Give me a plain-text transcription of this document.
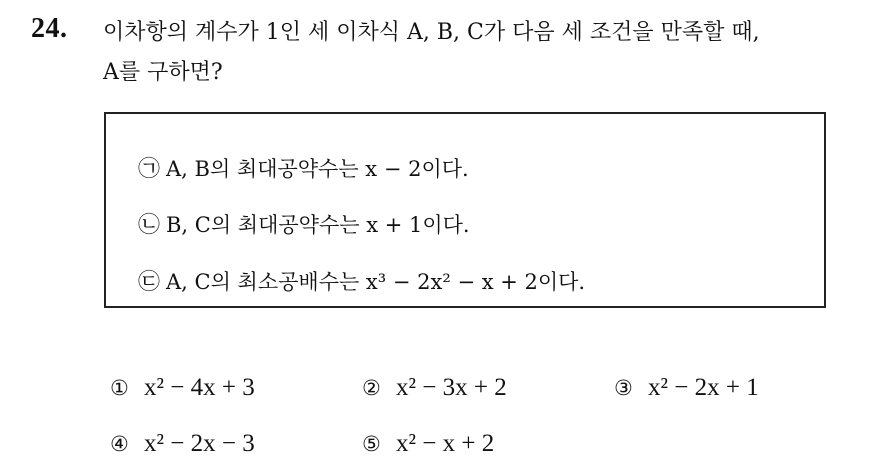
24. 이차항의 계수가 1인 세 이차식 A, B, C가 다음 세 조건을 만족할 때,
A를 구하면?
㉠ A, B의 최대공약수는 x − 2이다.
㉡ B, C의 최대공약수는 x + 1이다.
㉢ A, C의 최소공배수는 x³ − 2x² − x + 2이다.
① x² − 4x + 3	② x² − 3x + 2	③ x² − 2x + 1
④ x² − 2x − 3	⑤ x² − x + 2
